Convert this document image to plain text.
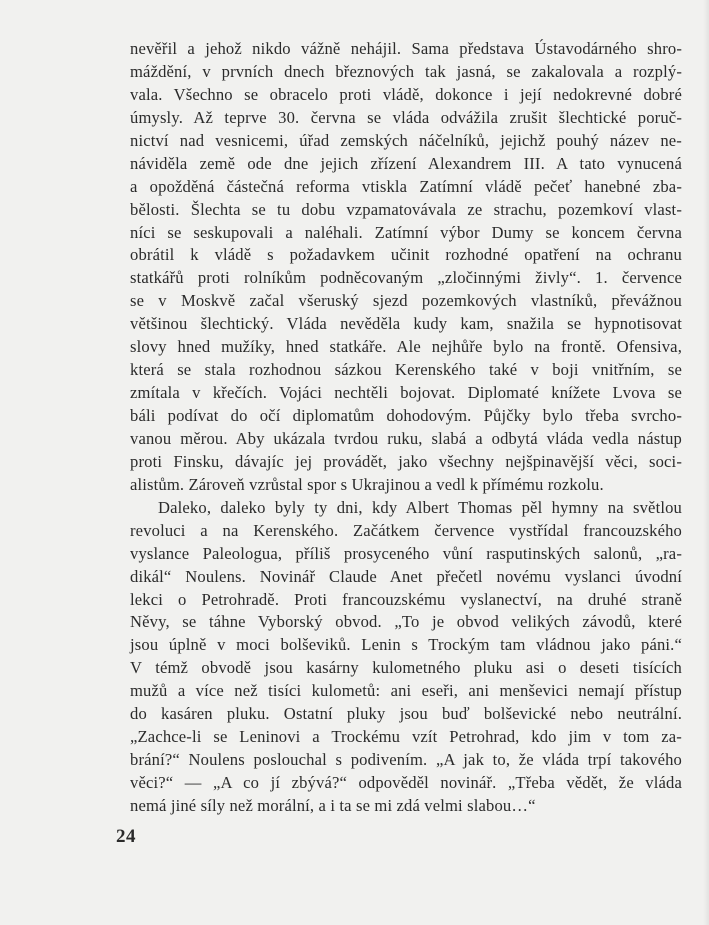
nevěřil a jehož nikdo vážně nehájil. Sama představa Ústavodárného shro-
máždění, v prvních dnech březnových tak jasná, se zakalovala a rozplý-
vala. Všechno se obracelo proti vládě, dokonce i její nedokrevné dobré
úmysly. Až teprve 30. června se vláda odvážila zrušit šlechtické poruč-
nictví nad vesnicemi, úřad zemských náčelníků, jejichž pouhý název ne-
náviděla země ode dne jejich zřízení Alexandrem III. A tato vynucená
a opožděná částečná reforma vtiskla Zatímní vládě pečeť hanebné zba-
bělosti. Šlechta se tu dobu vzpamatovávala ze strachu, pozemkoví vlast-
níci se seskupovali a naléhali. Zatímní výbor Dumy se koncem června
obrátil k vládě s požadavkem učinit rozhodné opatření na ochranu
statkářů proti rolníkům podněcovaným „zločinnými živly“. 1. července
se v Moskvě začal všeruský sjezd pozemkových vlastníků, převážnou
většinou šlechtický. Vláda nevěděla kudy kam, snažila se hypnotisovat
slovy hned mužíky, hned statkáře. Ale nejhůře bylo na frontě. Ofensiva,
která se stala rozhodnou sázkou Kerenského také v boji vnitřním, se
zmítala v křečích. Vojáci nechtěli bojovat. Diplomaté knížete Lvova se
báli podívat do očí diplomatům dohodovým. Půjčky bylo třeba svrcho-
vanou měrou. Aby ukázala tvrdou ruku, slabá a odbytá vláda vedla nástup
proti Finsku, dávajíc jej provádět, jako všechny nejšpinavější věci, soci-
alistům. Zároveň vzrůstal spor s Ukrajinou a vedl k přímému rozkolu.
Daleko, daleko byly ty dni, kdy Albert Thomas pěl hymny na světlou
revoluci a na Kerenského. Začátkem července vystřídal francouzského
vyslance Paleologua, příliš prosyceného vůní rasputinských salonů, „ra-
dikál“ Noulens. Novinář Claude Anet přečetl novému vyslanci úvodní
lekci o Petrohradě. Proti francouzskému vyslanectví, na druhé straně
Něvy, se táhne Vyborský obvod. „To je obvod velikých závodů, které
jsou úplně v moci bolševiků. Lenin s Trockým tam vládnou jako páni.“
V témž obvodě jsou kasárny kulometného pluku asi o deseti tisících
mužů a více než tisíci kulometů: ani eseři, ani menševici nemají přístup
do kasáren pluku. Ostatní pluky jsou buď bolševické nebo neutrální.
„Zachce-li se Leninovi a Trockému vzít Petrohrad, kdo jim v tom za-
brání?“ Noulens poslouchal s podivením. „A jak to, že vláda trpí takového
věci?“ — „A co jí zbývá?“ odpověděl novinář. „Třeba vědět, že vláda
nemá jiné síly než morální, a i ta se mi zdá velmi slabou…“
24
